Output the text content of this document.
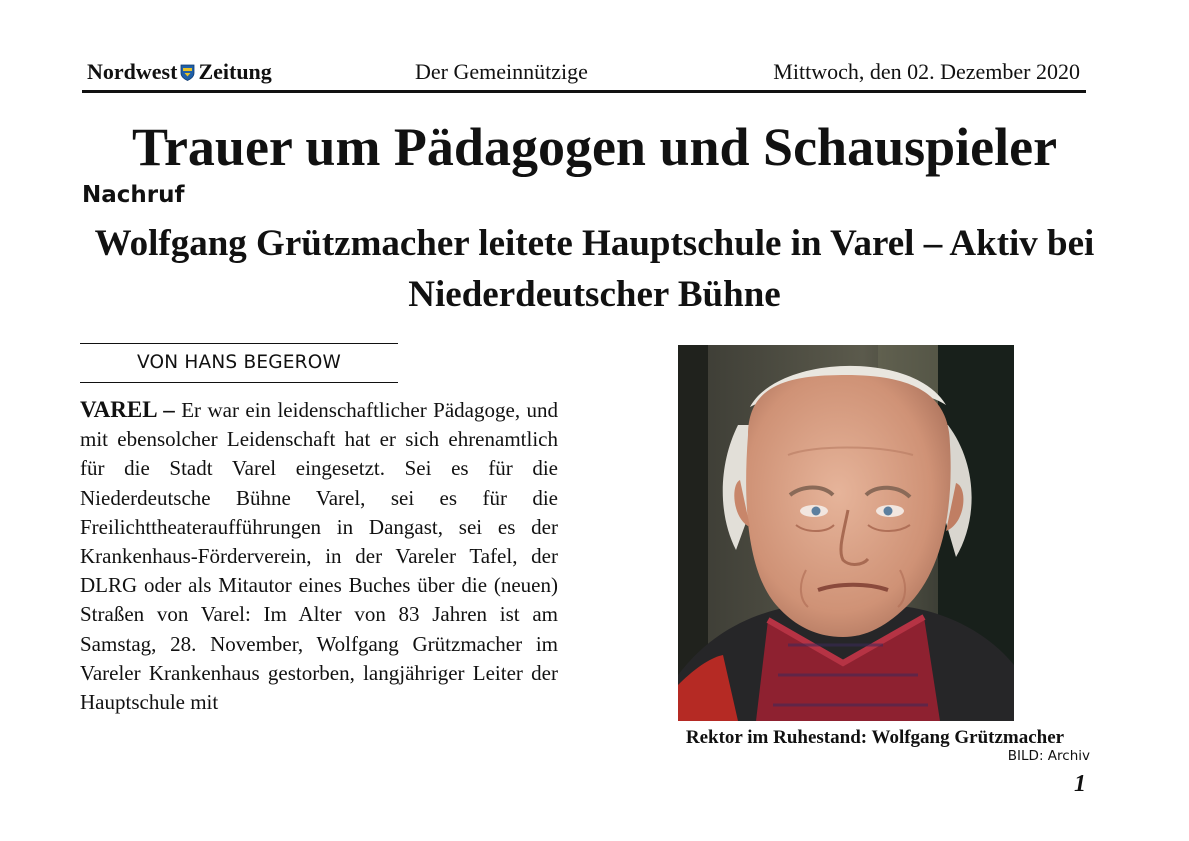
Nordwest Zeitung	Der Gemeinnützige	Mittwoch, den 02. Dezember 2020
Trauer um Pädagogen und Schauspieler
Nachruf
Wolfgang Grützmacher leitete Hauptschule in Varel – Aktiv bei Niederdeutscher Bühne
VON HANS BEGEROW

VAREL – Er war ein leidenschaftlicher Pädagoge, und mit ebensolcher Leidenschaft hat er sich ehrenamtlich für die Stadt Varel eingesetzt. Sei es für die Niederdeutsche Bühne Varel, sei es für die Freilichttheateraufführungen in Dangast, sei es der Krankenhaus-Förderverein, in der Vareler Tafel, der DLRG oder als Mitautor eines Buches über die (neuen) Straßen von Varel: Im Alter von 83 Jahren ist am Samstag, 28. November, Wolfgang Grützmacher im Vareler Krankenhaus gestorben, langjähriger Leiter der Hauptschule mit

Rektor im Ruhestand: Wolfgang Grützmacher

BILD: Archiv
1
